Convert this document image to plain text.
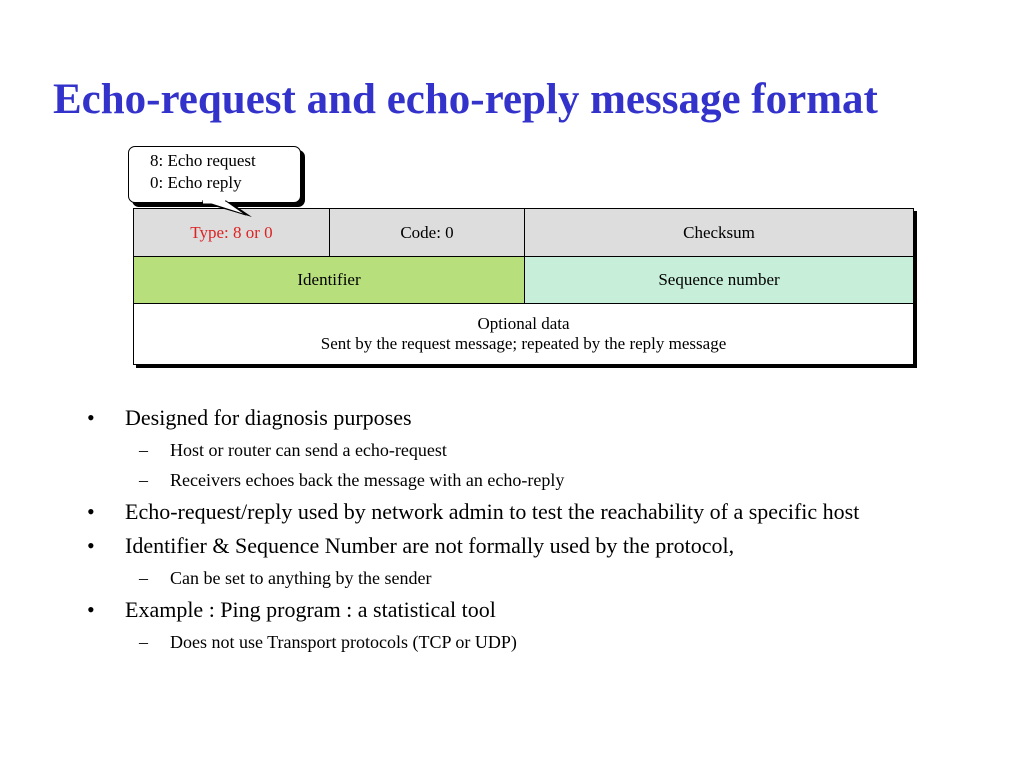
Echo-request and echo-reply message format
8: Echo request
0: Echo reply
Type: 8 or 0	Code: 0	Checksum
Identifier	Sequence number
Optional data
Sent by the request message; repeated by the reply message
• Designed for diagnosis purposes
– Host or router can send a echo-request
– Receivers echoes back the message with an echo-reply
• Echo-request/reply used by network admin to test the reachability of a specific host
• Identifier & Sequence Number are not formally used by the protocol,
– Can be set to anything by the sender
• Example : Ping program : a statistical tool
– Does not use Transport protocols (TCP or UDP)
